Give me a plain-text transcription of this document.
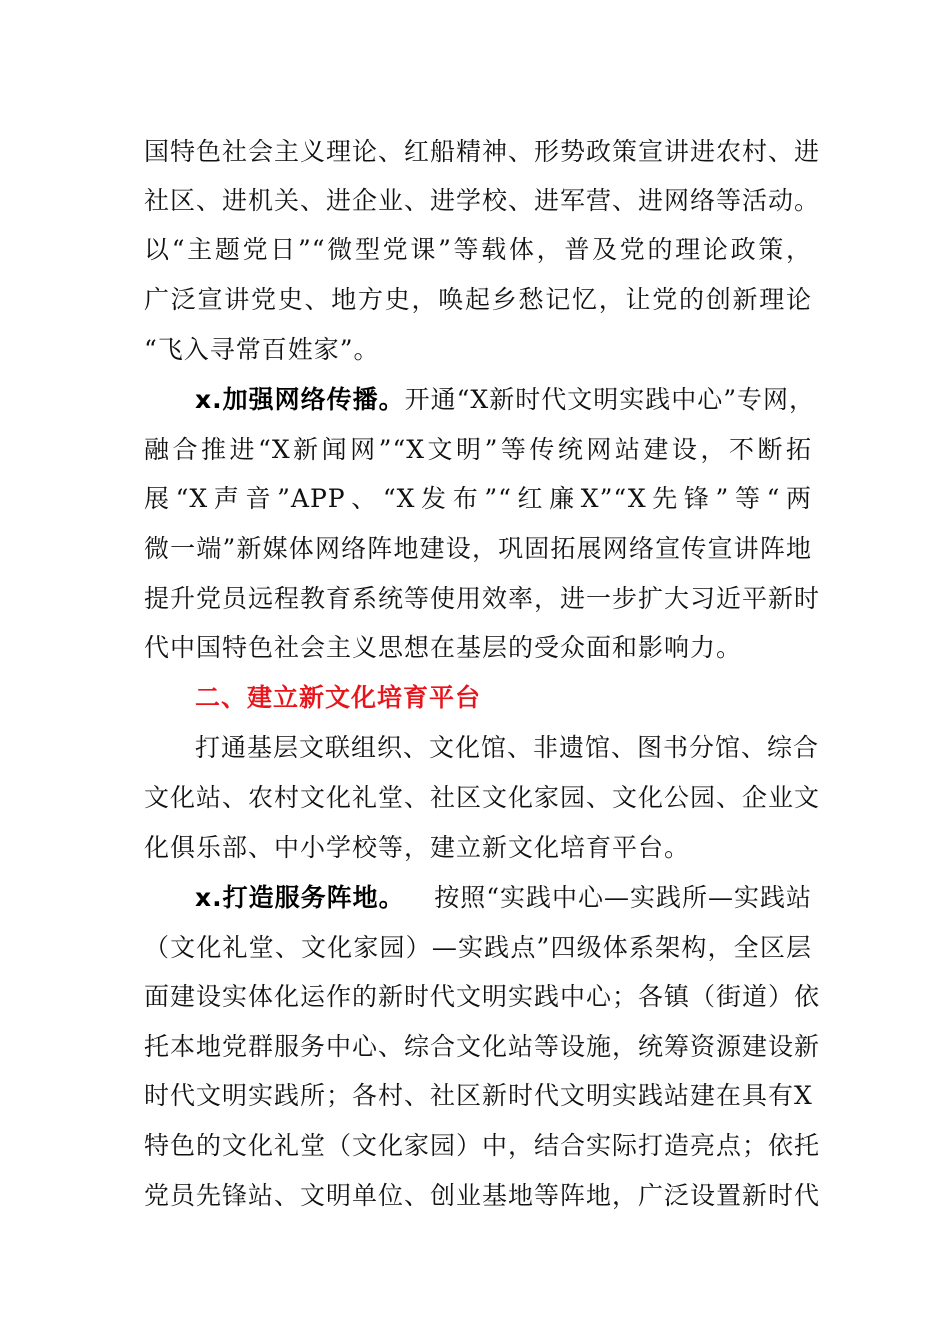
国特色社会主义理论、红船精神、形势政策宣讲进农村、进
社区、进机关、进企业、进学校、进军营、进网络等活动。
以“主题党日”“微型党课”等载体，普及党的理论政策，
广泛宣讲党史、地方史，唤起乡愁记忆，让党的创新理论
“飞入寻常百姓家”。
x.加强网络传播。 开通“X新时代文明实践中心”专网，
融合推进“X新闻网”“X文明”等传统网站建设，不断拓
展“X声音”APP、“X发布”“红廉X”“X先锋”等“两
微一端”新媒体网络阵地建设，巩固拓展网络宣传宣讲阵地
提升党员远程教育系统等使用效率，进一步扩大习近平新时
代中国特色社会主义思想在基层的受众面和影响力。
二、建立新文化培育平台
打通基层文联组织、文化馆、非遗馆、图书分馆、综合
文化站、农村文化礼堂、社区文化家园、文化公园、企业文
化俱乐部、中小学校等，建立新文化培育平台。
x.打造服务阵地。 按照“实践中心—实践所—实践站
（文化礼堂、文化家园）—实践点”四级体系架构，全区层
面建设实体化运作的新时代文明实践中心；各镇（街道）依
托本地党群服务中心、综合文化站等设施，统筹资源建设新
时代文明实践所；各村、社区新时代文明实践站建在具有X
特色的文化礼堂（文化家园）中，结合实际打造亮点；依托
党员先锋站、文明单位、创业基地等阵地，广泛设置新时代
